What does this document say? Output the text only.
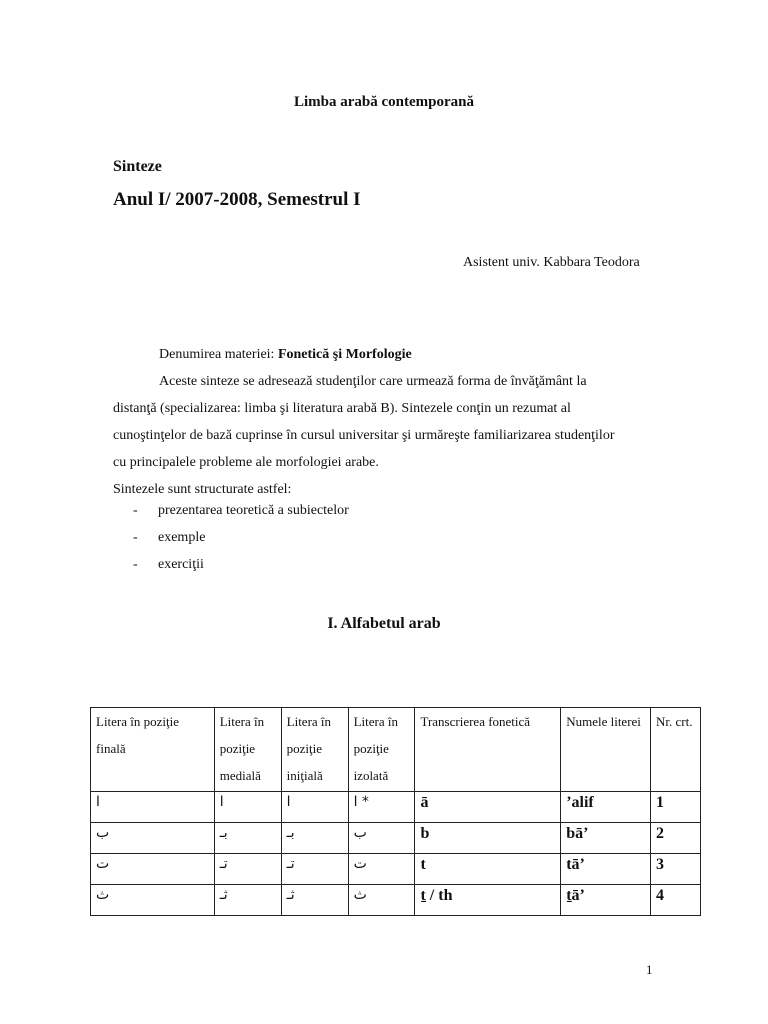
Limba arabă contemporană
Sinteze
Anul I/ 2007-2008, Semestrul I
Asistent univ. Kabbara Teodora
Denumirea materiei: Fonetică şi Morfologie
Aceste sinteze se adresează studenţilor care urmează forma de învăţământ la
distanţă (specializarea: limba şi literatura arabă B). Sintezele conţin un rezumat al
cunoştinţelor de bază cuprinse în cursul universitar şi urmăreşte familiarizarea studenţilor
cu principalele probleme ale morfologiei arabe.
Sintezele sunt structurate astfel:
- prezentarea teoretică a subiectelor
- exemple
- exerciţii
I. Alfabetul arab
Litera în poziţie finală	Litera în poziţie medială	Litera în poziţie iniţială	Litera în poziţie izolată	Transcrierea fonetică	Numele literei	Nr. crt.
ا	ا	ا	ا *	ā	’alif	1
ب	بـ	بـ	ب	b	bā’	2
ت	تـ	تـ	ت	t	tā’	3
ث	ثـ	ثـ	ث	ṯ / th	ṯā’	4
1
